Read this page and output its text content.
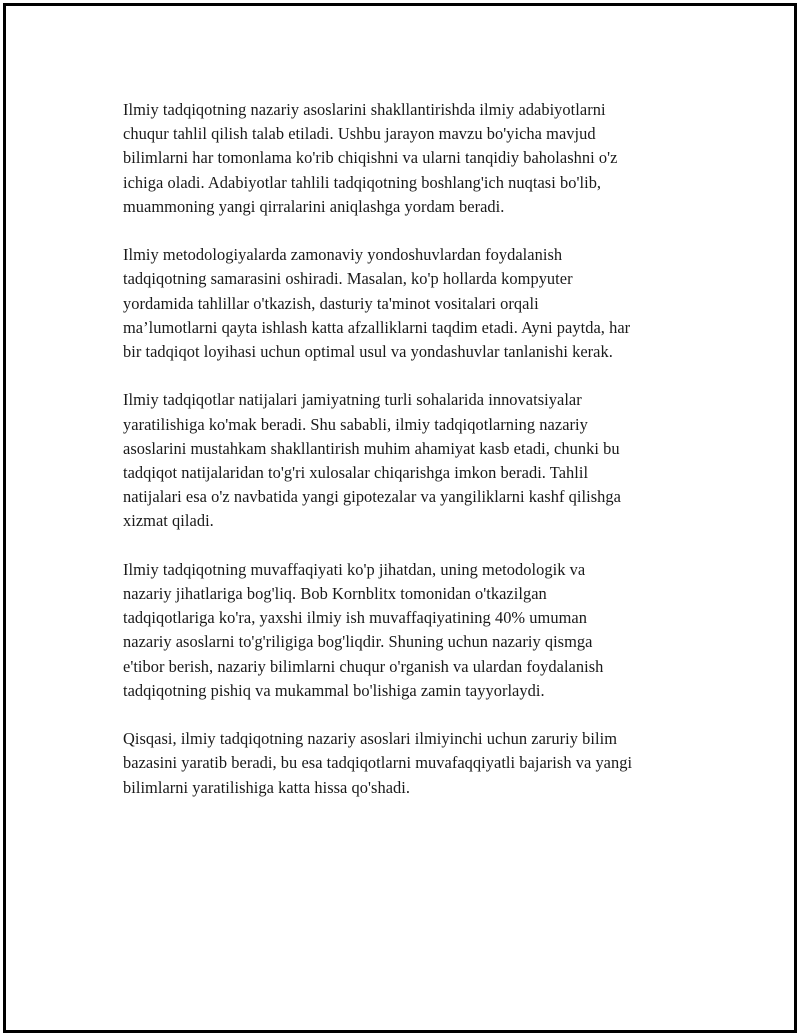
Ilmiy tadqiqotning nazariy asoslarini shakllantirishda ilmiy adabiyotlarni
chuqur tahlil qilish talab etiladi. Ushbu jarayon mavzu bo'yicha mavjud
bilimlarni har tomonlama ko'rib chiqishni va ularni tanqidiy baholashni o'z
ichiga oladi. Adabiyotlar tahlili tadqiqotning boshlang'ich nuqtasi bo'lib,
muammoning yangi qirralarini aniqlashga yordam beradi.

Ilmiy metodologiyalarda zamonaviy yondoshuvlardan foydalanish
tadqiqotning samarasini oshiradi. Masalan, ko'p hollarda kompyuter
yordamida tahlillar o'tkazish, dasturiy ta'minot vositalari orqali
ma’lumotlarni qayta ishlash katta afzalliklarni taqdim etadi. Ayni paytda, har
bir tadqiqot loyihasi uchun optimal usul va yondashuvlar tanlanishi kerak.

Ilmiy tadqiqotlar natijalari jamiyatning turli sohalarida innovatsiyalar
yaratilishiga ko'mak beradi. Shu sababli, ilmiy tadqiqotlarning nazariy
asoslarini mustahkam shakllantirish muhim ahamiyat kasb etadi, chunki bu
tadqiqot natijalaridan to'g'ri xulosalar chiqarishga imkon beradi. Tahlil
natijalari esa o'z navbatida yangi gipotezalar va yangiliklarni kashf qilishga
xizmat qiladi.

Ilmiy tadqiqotning muvaffaqiyati ko'p jihatdan, uning metodologik va
nazariy jihatlariga bog'liq. Bob Kornblitx tomonidan o'tkazilgan
tadqiqotlariga ko'ra, yaxshi ilmiy ish muvaffaqiyatining 40% umuman
nazariy asoslarni to'g'riligiga bog'liqdir. Shuning uchun nazariy qismga
e'tibor berish, nazariy bilimlarni chuqur o'rganish va ulardan foydalanish
tadqiqotning pishiq va mukammal bo'lishiga zamin tayyorlaydi.

Qisqasi, ilmiy tadqiqotning nazariy asoslari ilmiyinchi uchun zaruriy bilim
bazasini yaratib beradi, bu esa tadqiqotlarni muvafaqqiyatli bajarish va yangi
bilimlarni yaratilishiga katta hissa qo'shadi.
